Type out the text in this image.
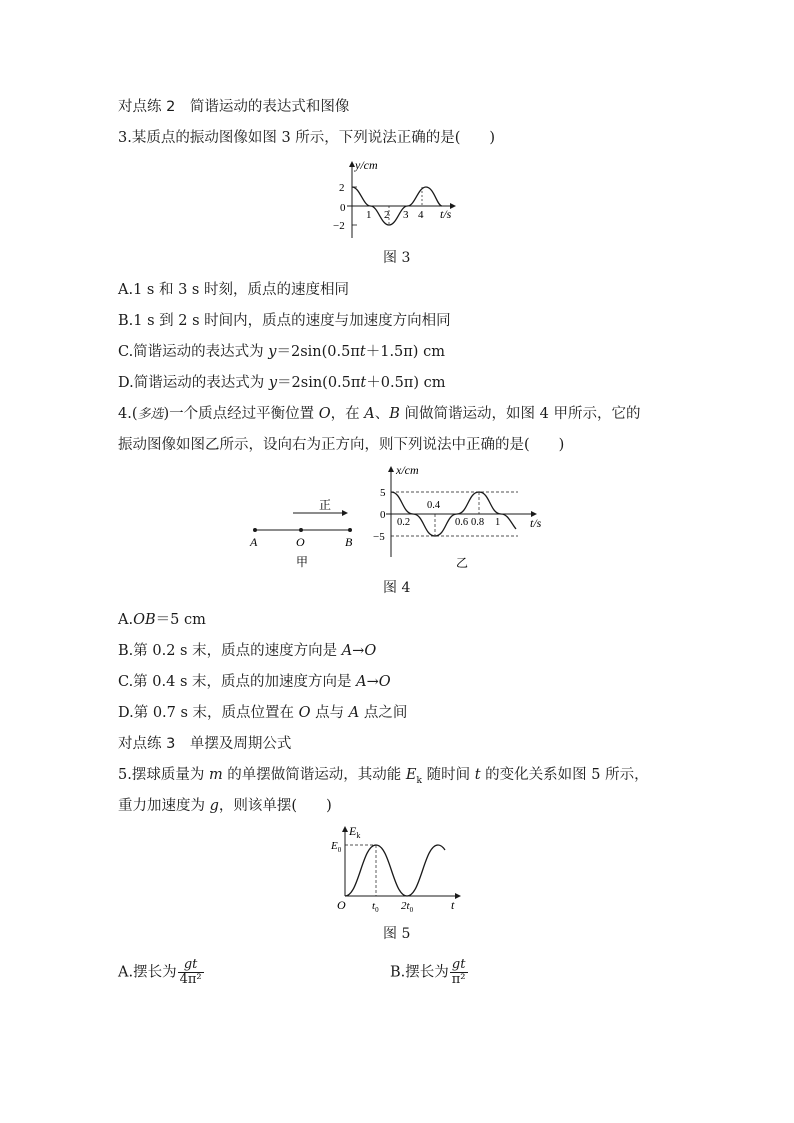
对点练 2　简谐运动的表达式和图像
3.某质点的振动图像如图 3 所示，下列说法正确的是(　　)
y/cm
2
0
−2
1 2 3 4 t/s
图 3
A.1 s 和 3 s 时刻，质点的速度相同
B.1 s 到 2 s 时间内，质点的速度与加速度方向相同
C.简谐运动的表达式为 y＝2sin(0.5πt＋1.5π) cm
D.简谐运动的表达式为 y＝2sin(0.5πt＋0.5π) cm
4.(多选)一个质点经过平衡位置 O，在 A、B 间做简谐运动，如图 4 甲所示，它的
振动图像如图乙所示，设向右为正方向，则下列说法中正确的是(　　)
正
A	O	B
甲
x/cm
5
0
−5
0.2
0.4
0.6 0.8 1 t/s
乙
图 4
A.OB＝5 cm
B.第 0.2 s 末，质点的速度方向是 A→O
C.第 0.4 s 末，质点的加速度方向是 A→O
D.第 0.7 s 末，质点位置在 O 点与 A 点之间
对点练 3　单摆及周期公式
5.摆球质量为 m 的单摆做简谐运动，其动能 $E_k$ 随时间 t 的变化关系如图 5 所示，
重力加速度为 g，则该单摆(　　)
$E_k$
$E_0$
O $t_0$ $2t_0$	t
图 5
A.摆长为 $\frac{gt}{\text{4π²}}$	B.摆长为 $\frac{gt}{\text{π²}}$
